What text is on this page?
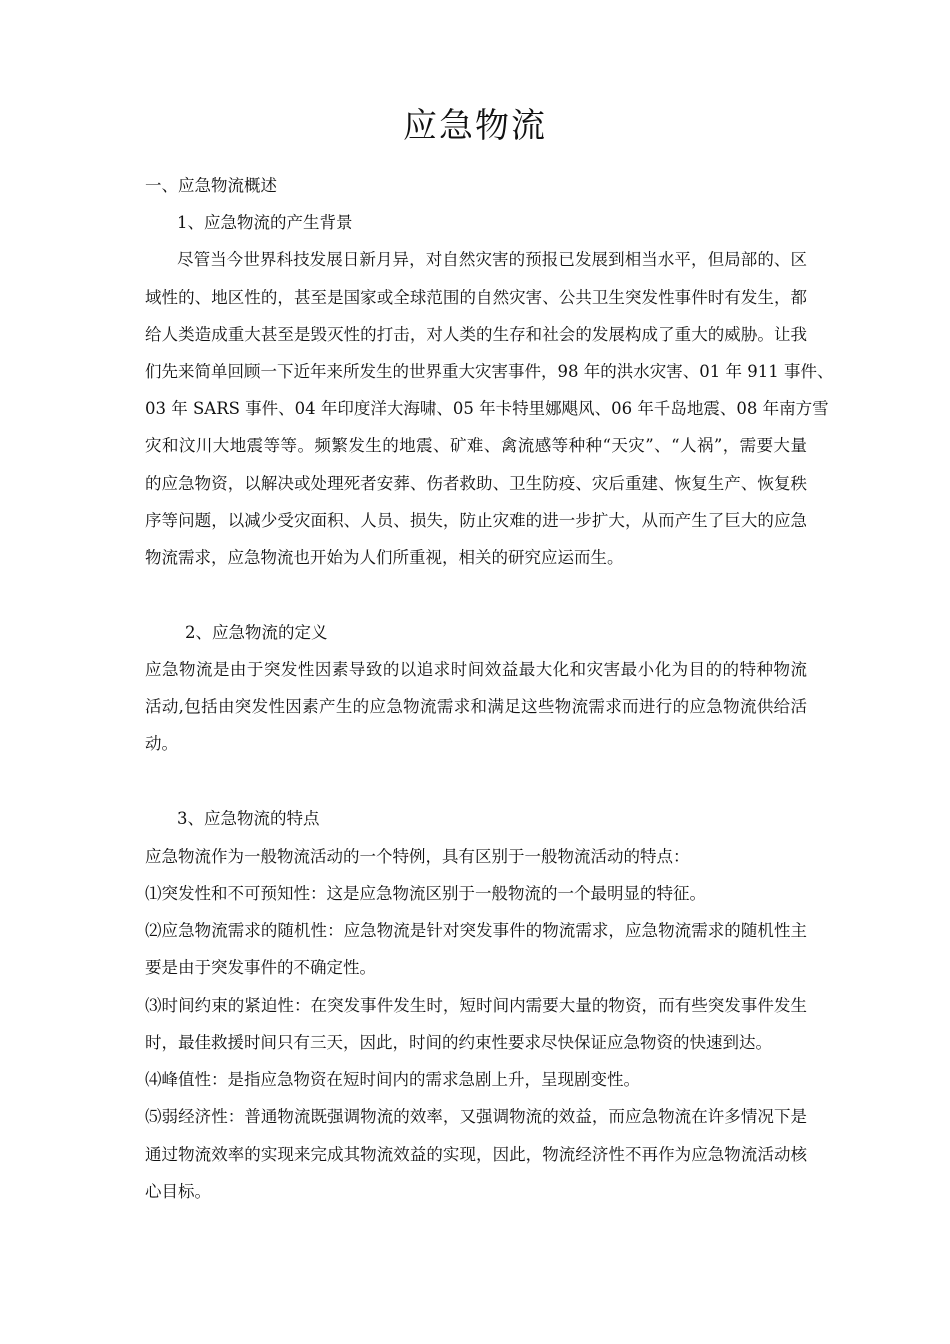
应急物流
一、应急物流概述
1、应急物流的产生背景
尽管当今世界科技发展日新月异，对自然灾害的预报已发展到相当水平，但局部的、区
域性的、地区性的，甚至是国家或全球范围的自然灾害、公共卫生突发性事件时有发生，都
给人类造成重大甚至是毁灭性的打击，对人类的生存和社会的发展构成了重大的威胁。让我
们先来简单回顾一下近年来所发生的世界重大灾害事件，98 年的洪水灾害、01 年 911 事件、
03 年 SARS 事件、04 年印度洋大海啸、05 年卡特里娜飓风、06 年千岛地震、08 年南方雪
灾和汶川大地震等等。频繁发生的地震、矿难、禽流感等种种“天灾”、“人祸”，需要大量
的应急物资，以解决或处理死者安葬、伤者救助、卫生防疫、灾后重建、恢复生产、恢复秩
序等问题，以减少受灾面积、人员、损失，防止灾难的进一步扩大，从而产生了巨大的应急
物流需求，应急物流也开始为人们所重视，相关的研究应运而生。
2、应急物流的定义
应急物流是由于突发性因素导致的以追求时间效益最大化和灾害最小化为目的的特种物流
活动,包括由突发性因素产生的应急物流需求和满足这些物流需求而进行的应急物流供给活
动。
3、应急物流的特点
应急物流作为一般物流活动的一个特例，具有区别于一般物流活动的特点：
⑴突发性和不可预知性：这是应急物流区别于一般物流的一个最明显的特征。
⑵应急物流需求的随机性：应急物流是针对突发事件的物流需求，应急物流需求的随机性主
要是由于突发事件的不确定性。
⑶时间约束的紧迫性：在突发事件发生时，短时间内需要大量的物资，而有些突发事件发生
时，最佳救援时间只有三天，因此，时间的约束性要求尽快保证应急物资的快速到达。
⑷峰值性：是指应急物资在短时间内的需求急剧上升，呈现剧变性。
⑸弱经济性：普通物流既强调物流的效率，又强调物流的效益，而应急物流在许多情况下是
通过物流效率的实现来完成其物流效益的实现，因此，物流经济性不再作为应急物流活动核
心目标。
